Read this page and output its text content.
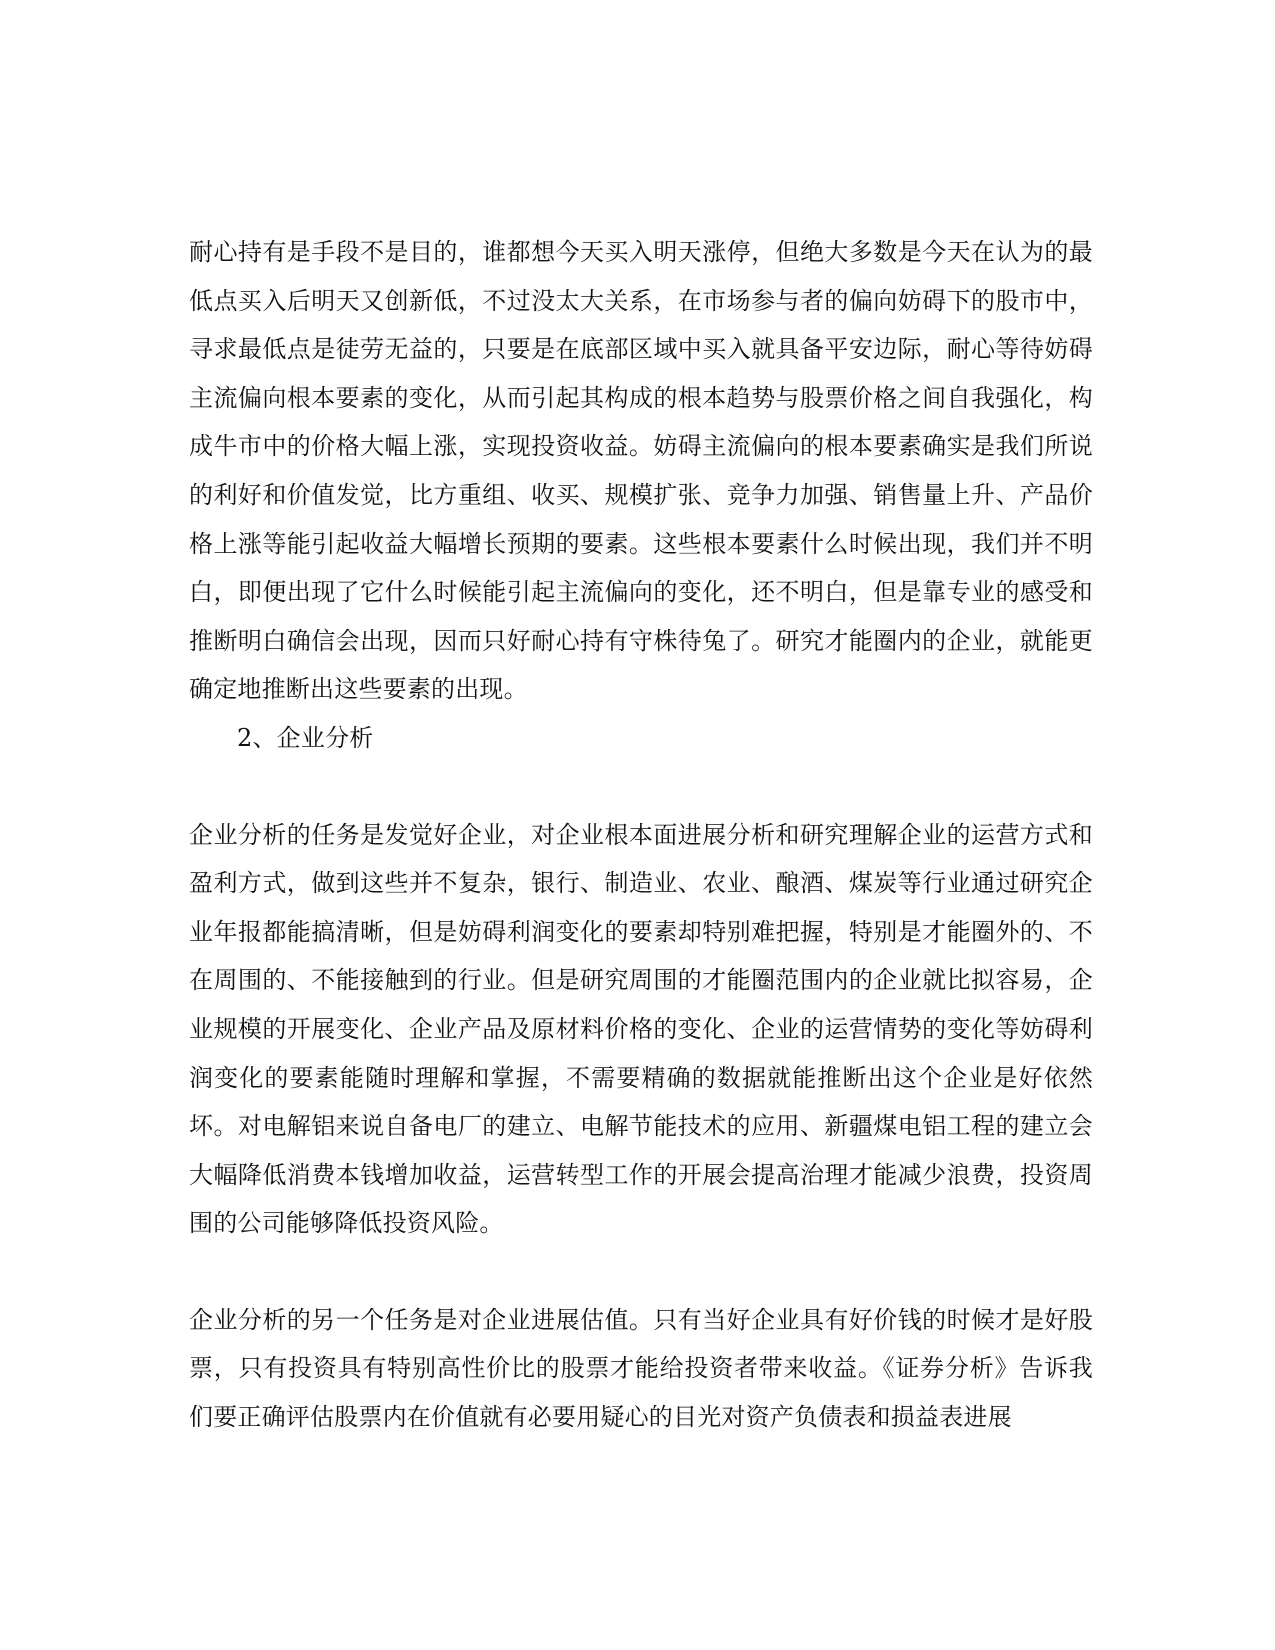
耐心持有是手段不是目的，谁都想今天买入明天涨停，但绝大多数是今天在认为的最低点买入后明天又创新低，不过没太大关系，在市场参与者的偏向妨碍下的股市中，寻求最低点是徒劳无益的，只要是在底部区域中买入就具备平安边际，耐心等待妨碍主流偏向根本要素的变化，从而引起其构成的根本趋势与股票价格之间自我强化，构成牛市中的价格大幅上涨，实现投资收益。妨碍主流偏向的根本要素确实是我们所说的利好和价值发觉，比方重组、收买、规模扩张、竞争力加强、销售量上升、产品价格上涨等能引起收益大幅增长预期的要素。这些根本要素什么时候出现，我们并不明白，即便出现了它什么时候能引起主流偏向的变化，还不明白，但是靠专业的感受和推断明白确信会出现，因而只好耐心持有守株待兔了。研究才能圈内的企业，就能更确定地推断出这些要素的出现。

2、企业分析

企业分析的任务是发觉好企业，对企业根本面进展分析和研究理解企业的运营方式和盈利方式，做到这些并不复杂，银行、制造业、农业、酿酒、煤炭等行业通过研究企业年报都能搞清晰，但是妨碍利润变化的要素却特别难把握，特别是才能圈外的、不在周围的、不能接触到的行业。但是研究周围的才能圈范围内的企业就比拟容易，企业规模的开展变化、企业产品及原材料价格的变化、企业的运营情势的变化等妨碍利润变化的要素能随时理解和掌握，不需要精确的数据就能推断出这个企业是好依然坏。对电解铝来说自备电厂的建立、电解节能技术的应用、新疆煤电铝工程的建立会大幅降低消费本钱增加收益，运营转型工作的开展会提高治理才能减少浪费，投资周围的公司能够降低投资风险。

企业分析的另一个任务是对企业进展估值。只有当好企业具有好价钱的时候才是好股票，只有投资具有特别高性价比的股票才能给投资者带来收益。《证券分析》告诉我们要正确评估股票内在价值就有必要用疑心的目光对资产负债表和损益表进展
